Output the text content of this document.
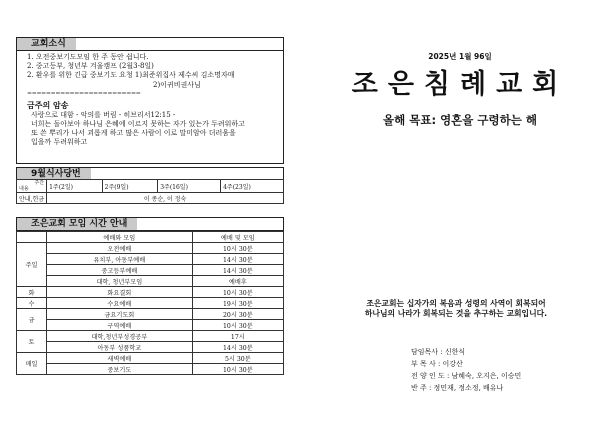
교회소식
1. 오전중보기도모임 한 주 동안 쉽니다.
2. 중고등부, 청년부 겨울캠프 (2월3-8일)
2. 환우를 위한 긴급 중보기도 요청 1)최준위집사 제수씨 김소명자매
2)이귀비권사님
========================
금주의 암송
사랑으로 대함 - 악의를 버림 - 히브리서12:15 -
너희는 돌아보아 하나님 은혜에 이르지 못하는 자가 있는가 두려워하고
또 쓴 뿌리가 나서 괴롭게 하고 많은 사람이 이로 말미암아 더러움을
입을까 두려워하고
9월식사당번
주간
내용	1주(2일)	2주(9일)	3주(16일)	4주(23일)
안내,헌금	이 종순, 이 정숙			
조은교회 모임 시간 안내
	예배와 모임	예배 및 모임
주일	오전예배	10시 30분
	유치부, 아동부예배	14시 30분
	중고등부예배	14시 30분
	대학, 청년부모임	예배후
화	화요결회	10시 30분
수	수요예배	19시 30분
금	금요기도회	20시 30분
	구역예배	10시 30분
토	대학,청년부성경공부	17시
	아동부 성품학교	14시 30분
매일	새벽예배	5시 30분
	중보기도	10시 30분
2025년 1월 96일
조은침례교회
올해 목표: 영혼을 구령하는 해
조은교회는 십자가의 복음과 성령의 사역이 회복되어
하나님의 나라가 회복되는 것을 추구하는 교회입니다.
담임목사 : 신한식
부 목 사 : 이강산
전 양 인 도 : 남혜숙, 오지은, 이승민
반 주 : 정민재, 정소정, 배유나
